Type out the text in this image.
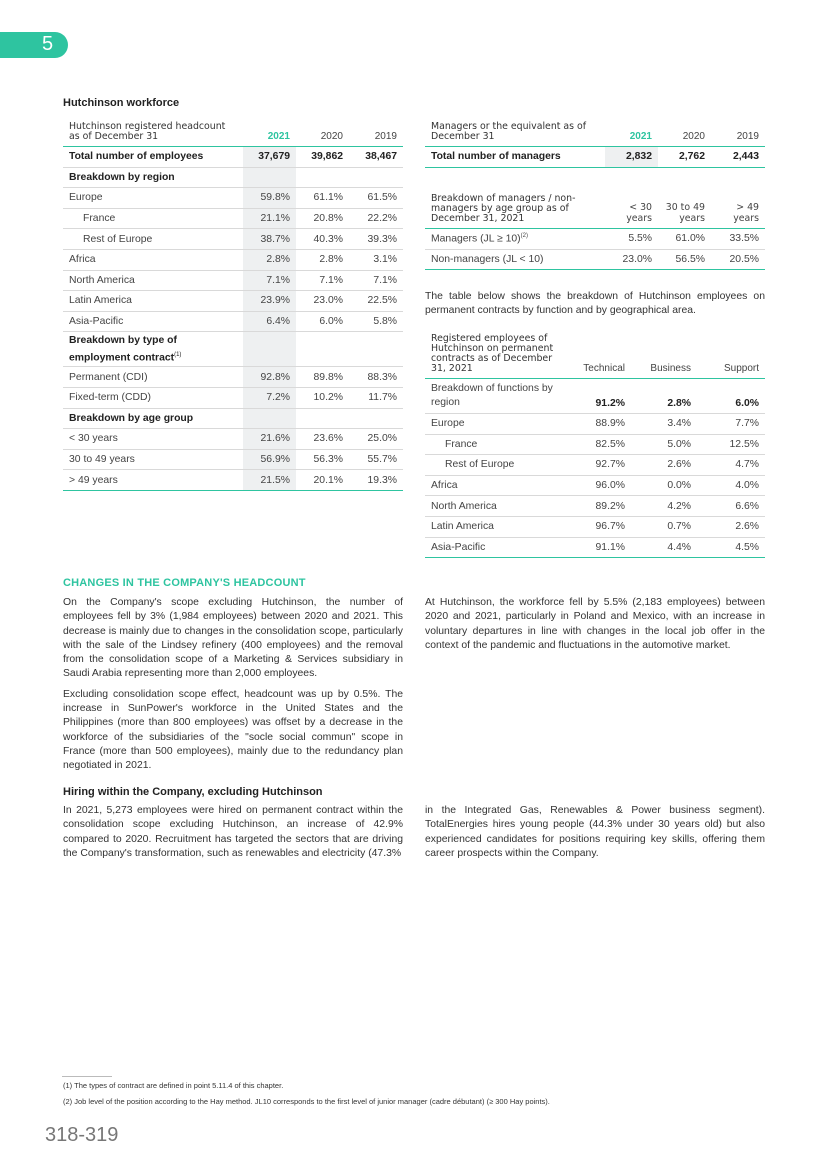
5
Hutchinson workforce
Hutchinson registered headcount as of December 31	2021	2020	2019
Total number of employees	37,679	39,862	38,467
Breakdown by region			
Europe	59.8%	61.1%	61.5%
France	21.1%	20.8%	22.2%
Rest of Europe	38.7%	40.3%	39.3%
Africa	2.8%	2.8%	3.1%
North America	7.1%	7.1%	7.1%
Latin America	23.9%	23.0%	22.5%
Asia-Pacific	6.4%	6.0%	5.8%
Breakdown by type of
employment contract$^{(1)}$			
Permanent (CDI)	92.8%	89.8%	88.3%
Fixed-term (CDD)	7.2%	10.2%	11.7%
Breakdown by age group			
< 30 years	21.6%	23.6%	25.0%
30 to 49 years	56.9%	56.3%	55.7%
> 49 years	21.5%	20.1%	19.3%
Managers or the equivalent as of December 31	2021	2020	2019
Total number of managers	2,832	2,762	2,443
Breakdown of managers / non-managers by age group as of December 31, 2021	< 30 years	30 to 49 years	> 49 years
Managers (JL ≥ 10)$^{(2)}$	5.5%	61.0%	33.5%
Non-managers (JL < 10)	23.0%	56.5%	20.5%
The table below shows the breakdown of Hutchinson employees on permanent contracts by function and by geographical area.
Registered employees of Hutchinson on permanent contracts as of December 31, 2021	Technical	Business	Support
Breakdown of functions by region	91.2%	2.8%	6.0%
Europe	88.9%	3.4%	7.7%
France	82.5%	5.0%	12.5%
Rest of Europe	92.7%	2.6%	4.7%
Africa	96.0%	0.0%	4.0%
North America	89.2%	4.2%	6.6%
Latin America	96.7%	0.7%	2.6%
Asia-Pacific	91.1%	4.4%	4.5%
CHANGES IN THE COMPANY'S HEADCOUNT

On the Company's scope excluding Hutchinson, the number of employees fell by 3% (1,984 employees) between 2020 and 2021. This decrease is mainly due to changes in the consolidation scope, particularly with the sale of the Lindsey refinery (400 employees) and the removal from the consolidation scope of a Marketing & Services subsidiary in Saudi Arabia representing more than 2,000 employees.

Excluding consolidation scope effect, headcount was up by 0.5%. The increase in SunPower's workforce in the United States and the Philippines (more than 800 employees) was offset by a decrease in the workforce of the subsidiaries of the "socle social commun" scope in France (more than 500 employees), mainly due to the redundancy plan negotiated in 2021.

At Hutchinson, the workforce fell by 5.5% (2,183 employees) between 2020 and 2021, particularly in Poland and Mexico, with an increase in voluntary departures in line with changes in the local job offer in the context of the pandemic and fluctuations in the automotive market.
Hiring within the Company, excluding Hutchinson
In 2021, 5,273 employees were hired on permanent contract within the consolidation scope excluding Hutchinson, an increase of 42.9% compared to 2020. Recruitment has targeted the sectors that are driving the Company's transformation, such as renewables and electricity (47.3%
in the Integrated Gas, Renewables & Power business segment). TotalEnergies hires young people (44.3% under 30 years old) but also experienced candidates for positions requiring key skills, offering them career prospects within the Company.
(1) The types of contract are defined in point 5.11.4 of this chapter.
(2) Job level of the position according to the Hay method. JL10 corresponds to the first level of junior manager (cadre débutant) (≥ 300 Hay points).
318-319
